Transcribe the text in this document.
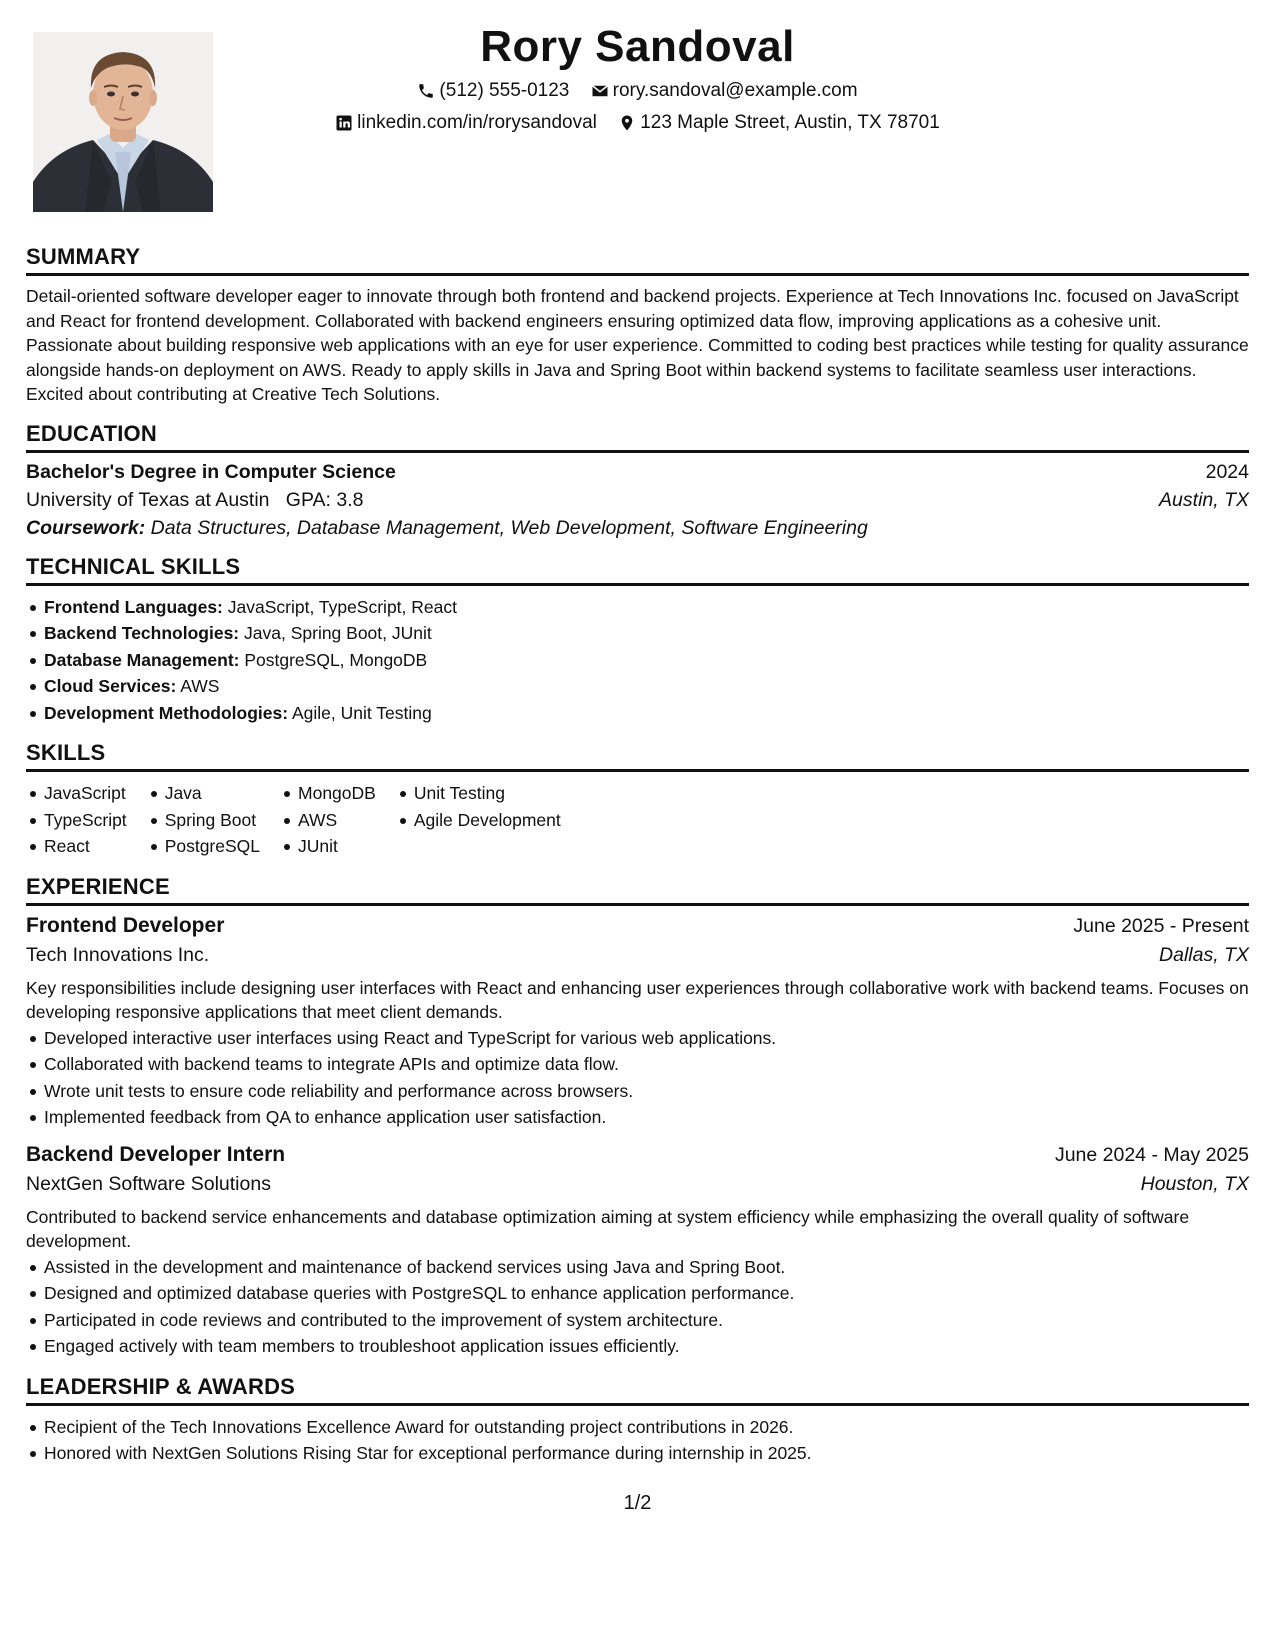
Rory Sandoval
(512) 555-0123
rory.sandoval@example.com
linkedin.com/in/rorysandoval
123 Maple Street, Austin, TX 78701
SUMMARY
Detail-oriented software developer eager to innovate through both frontend and backend projects. Experience at Tech Innovations Inc. focused on JavaScript and React for frontend development. Collaborated with backend engineers ensuring optimized data flow, improving applications as a cohesive unit. Passionate about building responsive web applications with an eye for user experience. Committed to coding best practices while testing for quality assurance alongside hands-on deployment on AWS. Ready to apply skills in Java and Spring Boot within backend systems to facilitate seamless user interactions. Excited about contributing at Creative Tech Solutions.
EDUCATION
Bachelor's Degree in Computer Science	2024
University of Texas at Austin GPA: 3.8	Austin, TX
Coursework: Data Structures, Database Management, Web Development, Software Engineering
TECHNICAL SKILLS
Frontend Languages: JavaScript, TypeScript, React
Backend Technologies: Java, Spring Boot, JUnit
Database Management: PostgreSQL, MongoDB
Cloud Services: AWS
Development Methodologies: Agile, Unit Testing
SKILLS
JavaScript
TypeScript
React
Java
Spring Boot
PostgreSQL
MongoDB
AWS
JUnit
Unit Testing
Agile Development
EXPERIENCE
Frontend Developer	June 2025 - Present
Tech Innovations Inc.	Dallas, TX
Key responsibilities include designing user interfaces with React and enhancing user experiences through collaborative work with backend teams. Focuses on developing responsive applications that meet client demands.
Developed interactive user interfaces using React and TypeScript for various web applications.
Collaborated with backend teams to integrate APIs and optimize data flow.
Wrote unit tests to ensure code reliability and performance across browsers.
Implemented feedback from QA to enhance application user satisfaction.
Backend Developer Intern	June 2024 - May 2025
NextGen Software Solutions	Houston, TX
Contributed to backend service enhancements and database optimization aiming at system efficiency while emphasizing the overall quality of software development.
Assisted in the development and maintenance of backend services using Java and Spring Boot.
Designed and optimized database queries with PostgreSQL to enhance application performance.
Participated in code reviews and contributed to the improvement of system architecture.
Engaged actively with team members to troubleshoot application issues efficiently.
LEADERSHIP & AWARDS
Recipient of the Tech Innovations Excellence Award for outstanding project contributions in 2026.
Honored with NextGen Solutions Rising Star for exceptional performance during internship in 2025.
1/2
